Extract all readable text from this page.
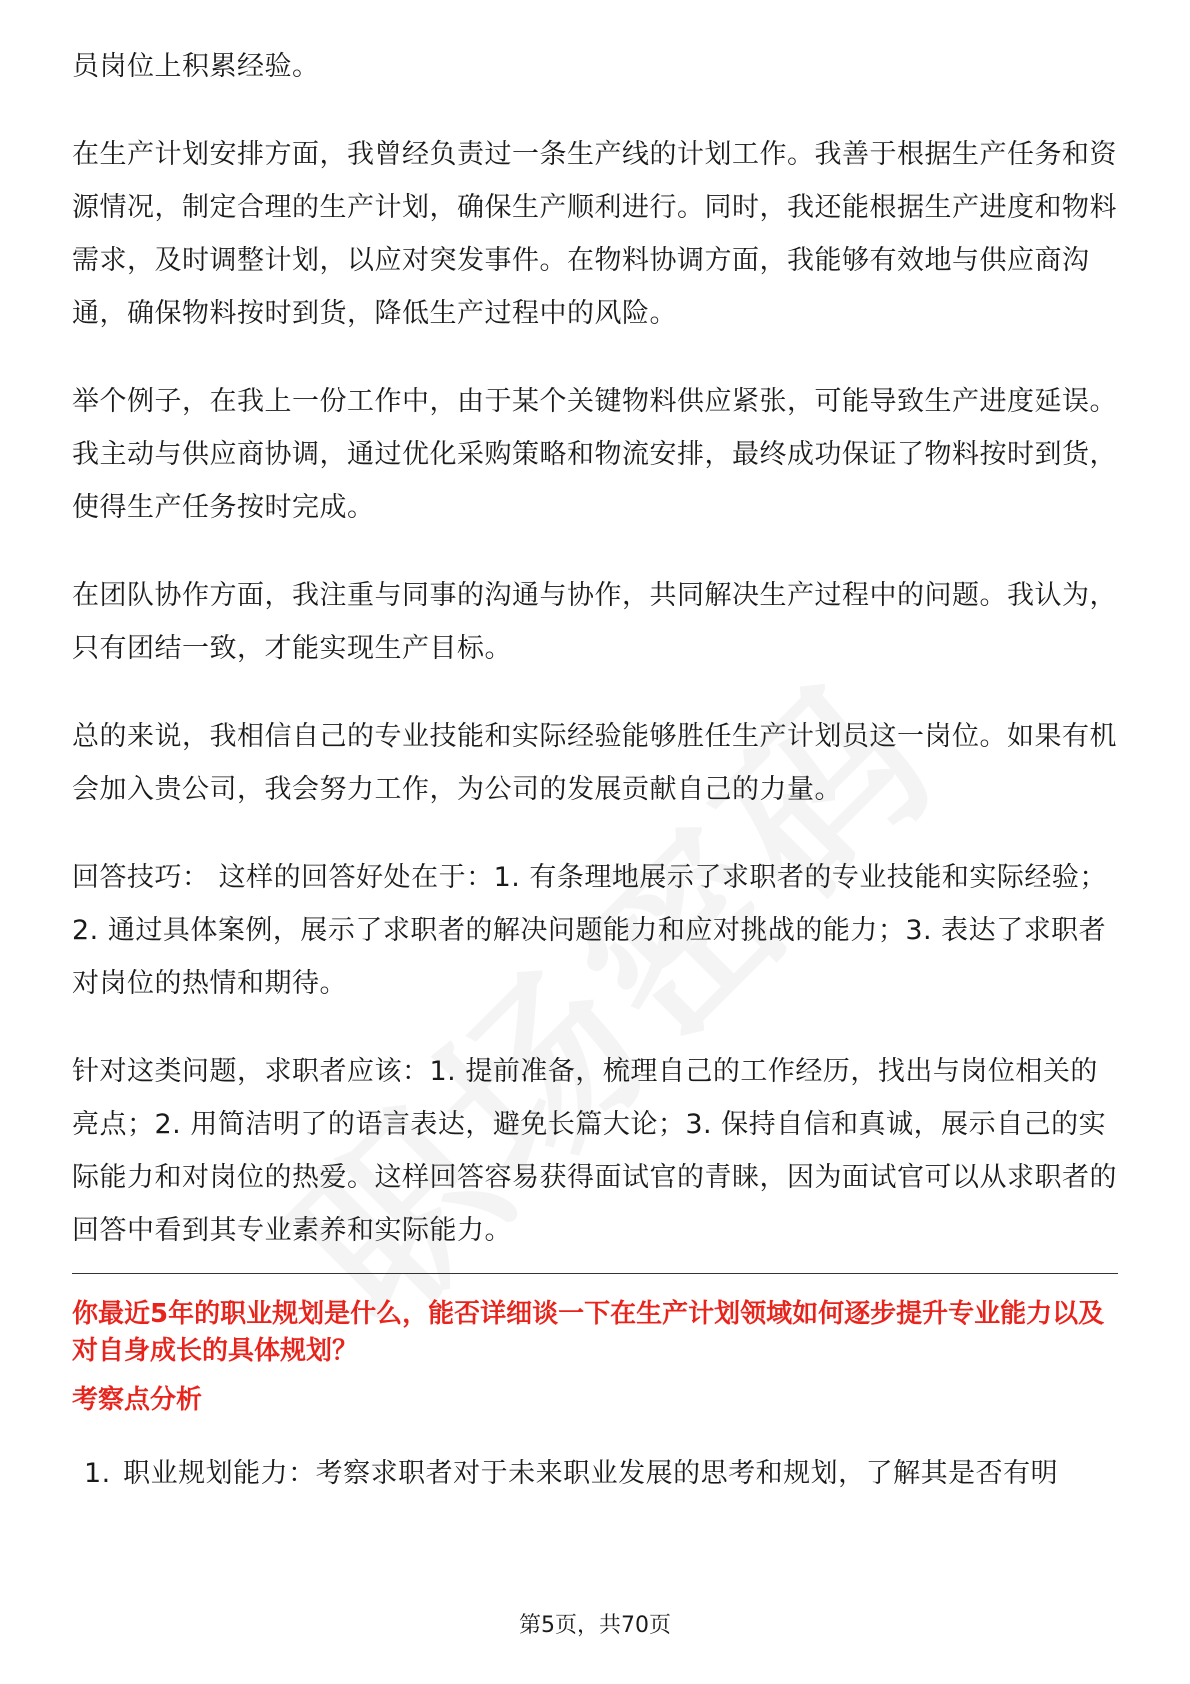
员岗位上积累经验。

在生产计划安排方面，我曾经负责过一条生产线的计划工作。我善于根据生产任务和资源情况，制定合理的生产计划，确保生产顺利进行。同时，我还能根据生产进度和物料需求，及时调整计划，以应对突发事件。在物料协调方面，我能够有效地与供应商沟通，确保物料按时到货，降低生产过程中的风险。

举个例子，在我上一份工作中，由于某个关键物料供应紧张，可能导致生产进度延误。我主动与供应商协调，通过优化采购策略和物流安排，最终成功保证了物料按时到货，使得生产任务按时完成。

在团队协作方面，我注重与同事的沟通与协作，共同解决生产过程中的问题。我认为，只有团结一致，才能实现生产目标。

总的来说，我相信自己的专业技能和实际经验能够胜任生产计划员这一岗位。如果有机会加入贵公司，我会努力工作，为公司的发展贡献自己的力量。

回答技巧： 这样的回答好处在于：1. 有条理地展示了求职者的专业技能和实际经验；2. 通过具体案例，展示了求职者的解决问题能力和应对挑战的能力；3. 表达了求职者对岗位的热情和期待。

针对这类问题，求职者应该：1. 提前准备，梳理自己的工作经历，找出与岗位相关的亮点；2. 用简洁明了的语言表达，避免长篇大论；3. 保持自信和真诚，展示自己的实际能力和对岗位的热爱。这样回答容易获得面试官的青睐，因为面试官可以从求职者的回答中看到其专业素养和实际能力。

你最近5年的职业规划是什么，能否详细谈一下在生产计划领域如何逐步提升专业能力以及对自身成长的具体规划？
考察点分析
1. 职业规划能力：考察求职者对于未来职业发展的思考和规划，了解其是否有明
第5页，共70页
